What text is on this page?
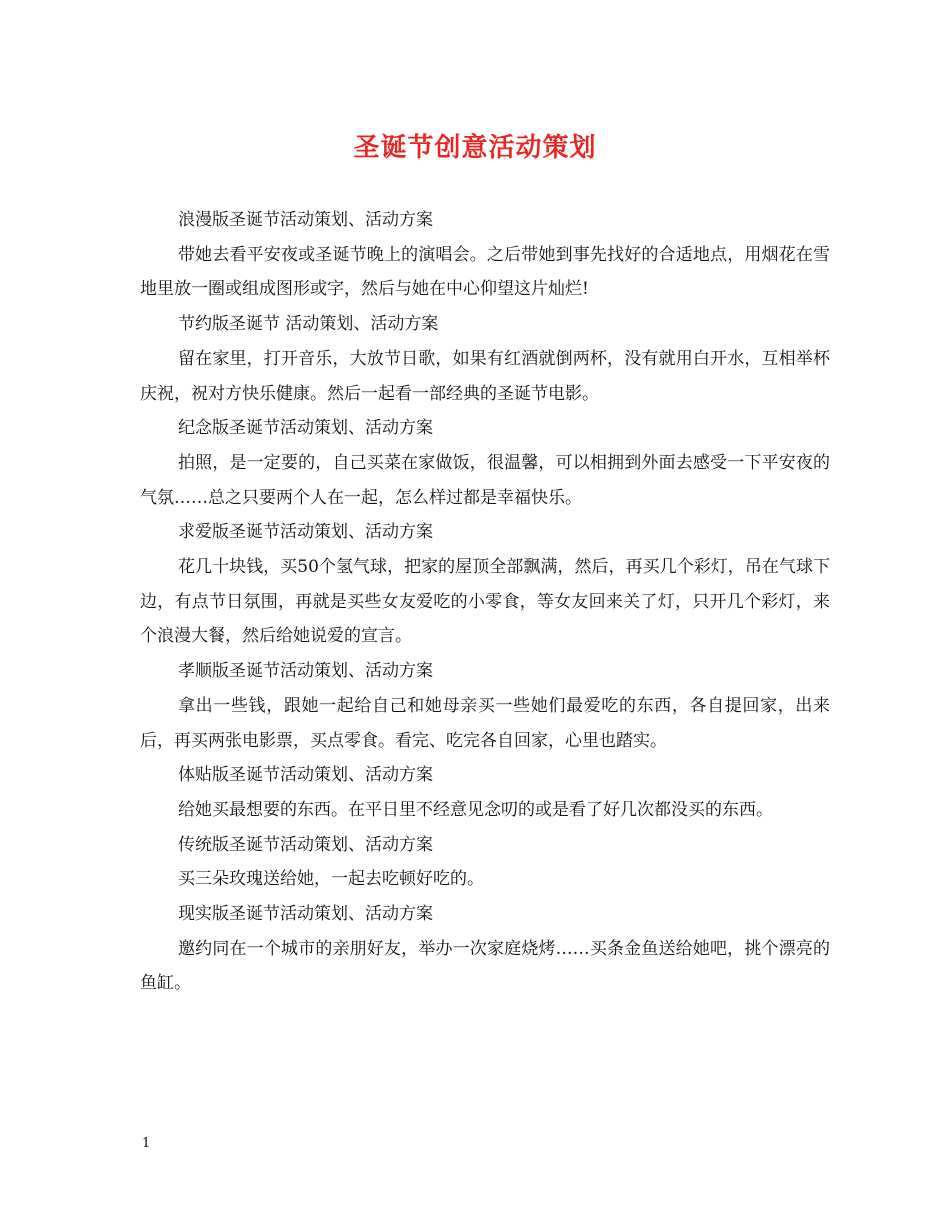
圣诞节创意活动策划

浪漫版圣诞节活动策划、活动方案

带她去看平安夜或圣诞节晚上的演唱会。之后带她到事先找好的合适地点，用烟花在雪地里放一圈或组成图形或字，然后与她在中心仰望这片灿烂!

节约版圣诞节 活动策划、活动方案

留在家里，打开音乐，大放节日歌，如果有红酒就倒两杯，没有就用白开水，互相举杯庆祝，祝对方快乐健康。然后一起看一部经典的圣诞节电影。

纪念版圣诞节活动策划、活动方案

拍照，是一定要的，自己买菜在家做饭，很温馨，可以相拥到外面去感受一下平安夜的气氛……总之只要两个人在一起，怎么样过都是幸福快乐。

求爱版圣诞节活动策划、活动方案

花几十块钱，买50个氢气球，把家的屋顶全部飘满，然后，再买几个彩灯，吊在气球下边，有点节日氛围，再就是买些女友爱吃的小零食，等女友回来关了灯，只开几个彩灯，来个浪漫大餐，然后给她说爱的宣言。

孝顺版圣诞节活动策划、活动方案

拿出一些钱，跟她一起给自己和她母亲买一些她们最爱吃的东西，各自提回家，出来后，再买两张电影票，买点零食。看完、吃完各自回家，心里也踏实。

体贴版圣诞节活动策划、活动方案

给她买最想要的东西。在平日里不经意见念叨的或是看了好几次都没买的东西。

传统版圣诞节活动策划、活动方案

买三朵玫瑰送给她，一起去吃顿好吃的。

现实版圣诞节活动策划、活动方案

邀约同在一个城市的亲朋好友，举办一次家庭烧烤……买条金鱼送给她吧，挑个漂亮的鱼缸。

1
